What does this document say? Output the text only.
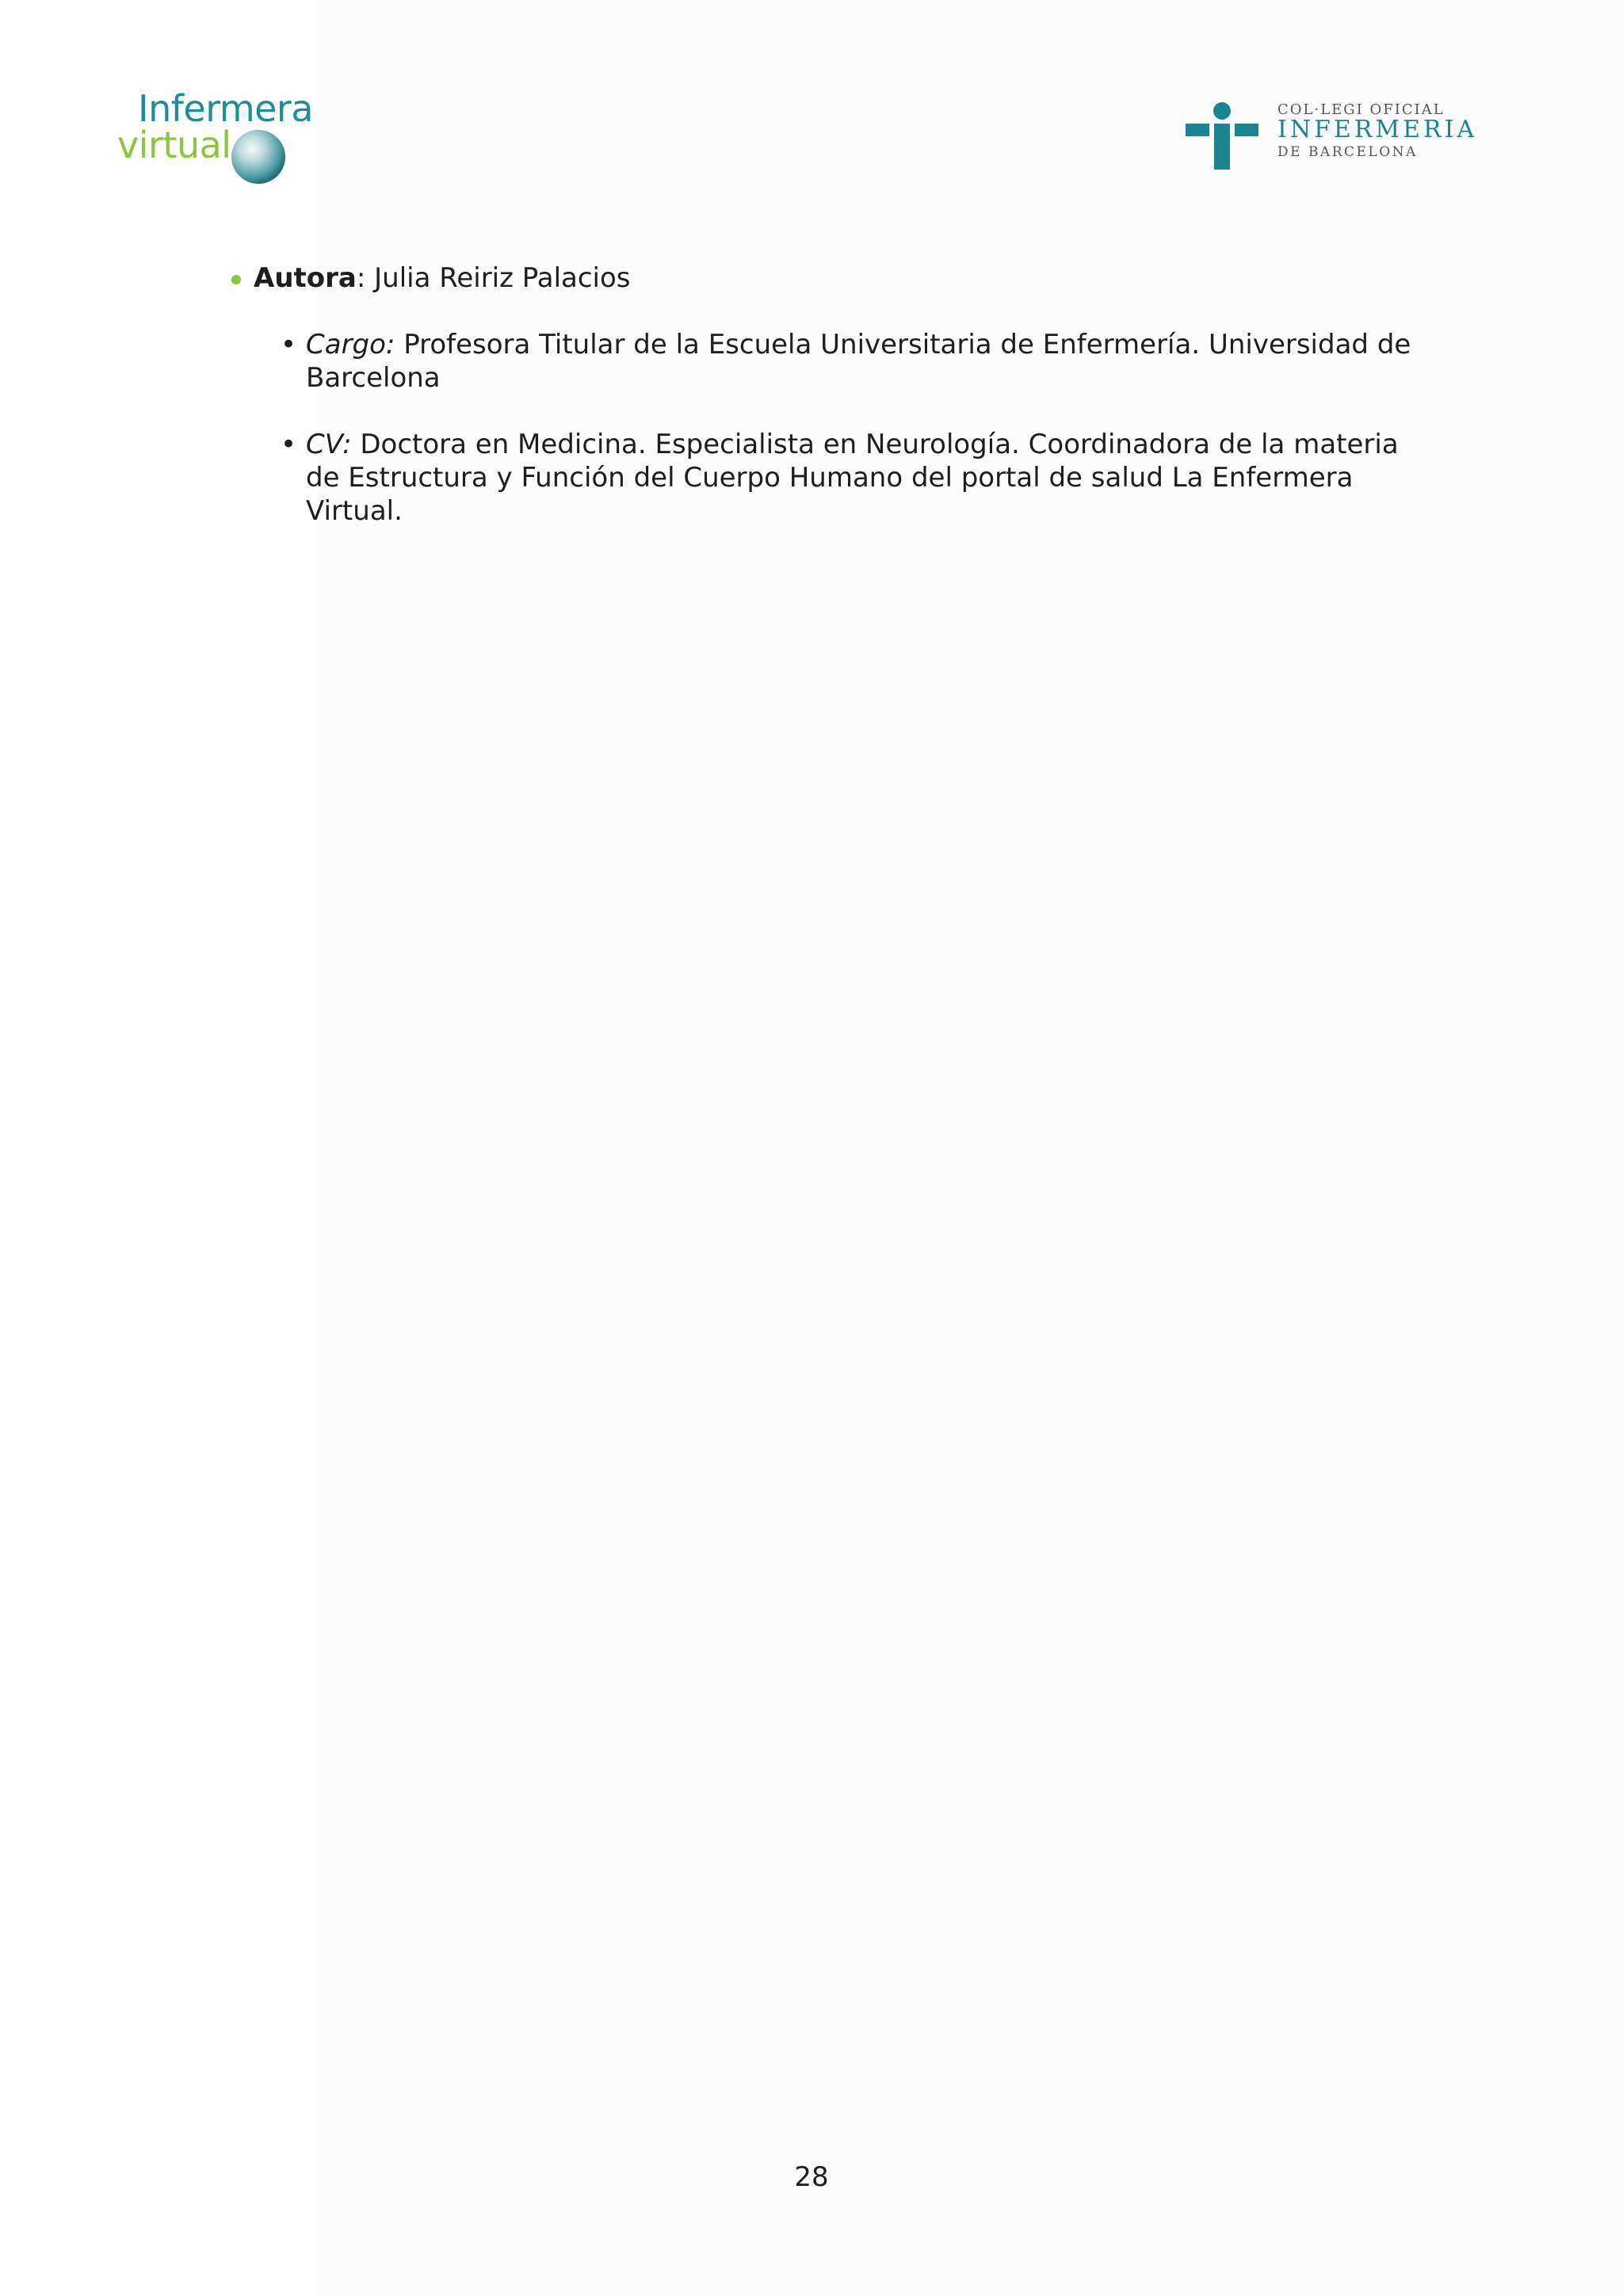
Infermera
virtual
COL·LEGI OFICIAL
INFERMERIA
DE BARCELONA
Autora: Julia Reiriz Palacios
• Cargo: Profesora Titular de la Escuela Universitaria de Enfermería. Universidad de Barcelona
• CV: Doctora en Medicina. Especialista en Neurología. Coordinadora de la materia de Estructura y Función del Cuerpo Humano del portal de salud La Enfermera Virtual.
28
